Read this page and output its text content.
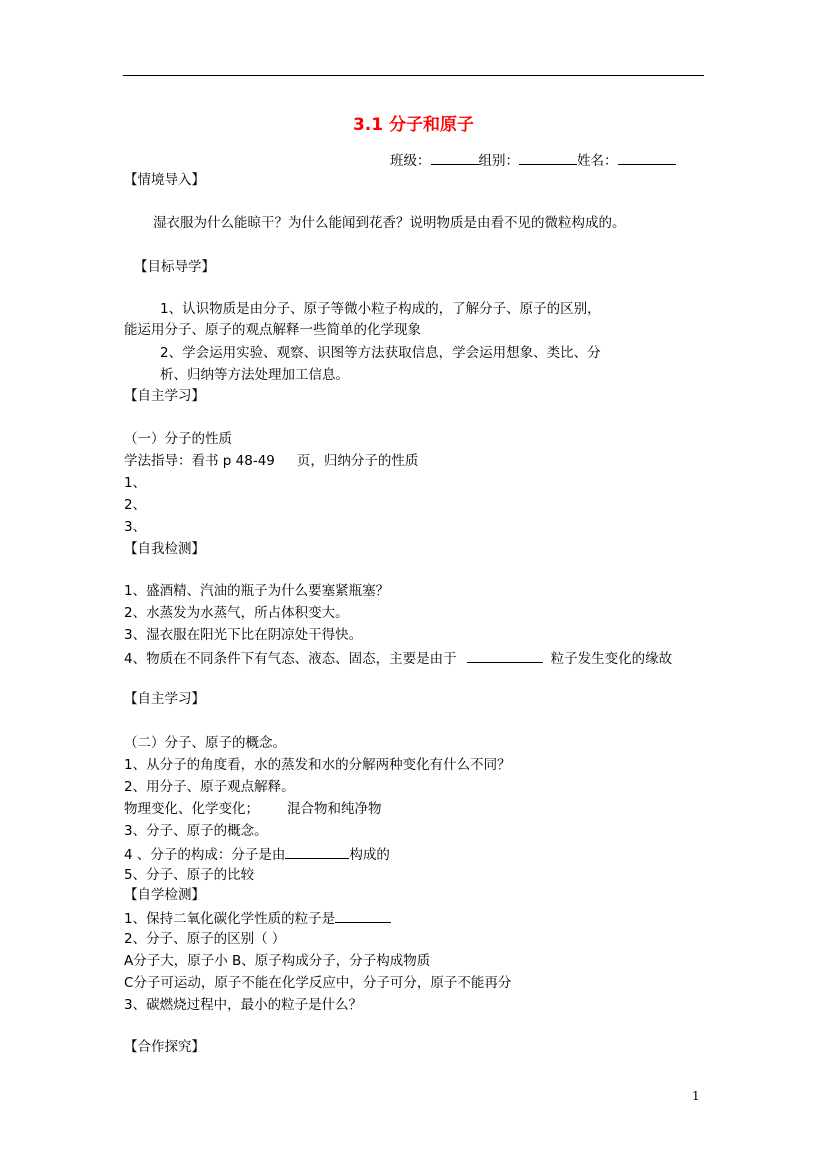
3.1 分子和原子
班级：	组别：	姓名：
【情境导入】
湿衣服为什么能晾干？为什么能闻到花香？说明物质是由看不见的微粒构成的。
【目标导学】
1、认识物质是由分子、原子等微小粒子构成的，了解分子、原子的区别，
能运用分子、原子的观点解释一些简单的化学现象
2、学会运用实验、观察、识图等方法获取信息，学会运用想象、类比、分
析、归纳等方法处理加工信息。
【自主学习】
（一）分子的性质
学法指导：看书 p 48-49 页，归纳分子的性质
1、
2、
3、
【自我检测】
1、盛酒精、汽油的瓶子为什么要塞紧瓶塞？
2、水蒸发为水蒸气，所占体积变大。
3、湿衣服在阳光下比在阴凉处干得快。
4、物质在不同条件下有气态、液态、固态，主要是由于	粒子发生变化的缘故
【自主学习】
（二）分子、原子的概念。
1、从分子的角度看，水的蒸发和水的分解两种变化有什么不同？
2、用分子、原子观点解释。
物理变化、化学变化； 混合物和纯净物
3、分子、原子的概念。
4 、分子的构成：分子是由	构成的
5、分子、原子的比较
【自学检测】
1、保持二氧化碳化学性质的粒子是
2、分子、原子的区别（ ）
A分子大，原子小 B、原子构成分子，分子构成物质
C分子可运动，原子不能在化学反应中，分子可分，原子不能再分
3、碳燃烧过程中，最小的粒子是什么？
【合作探究】
1
